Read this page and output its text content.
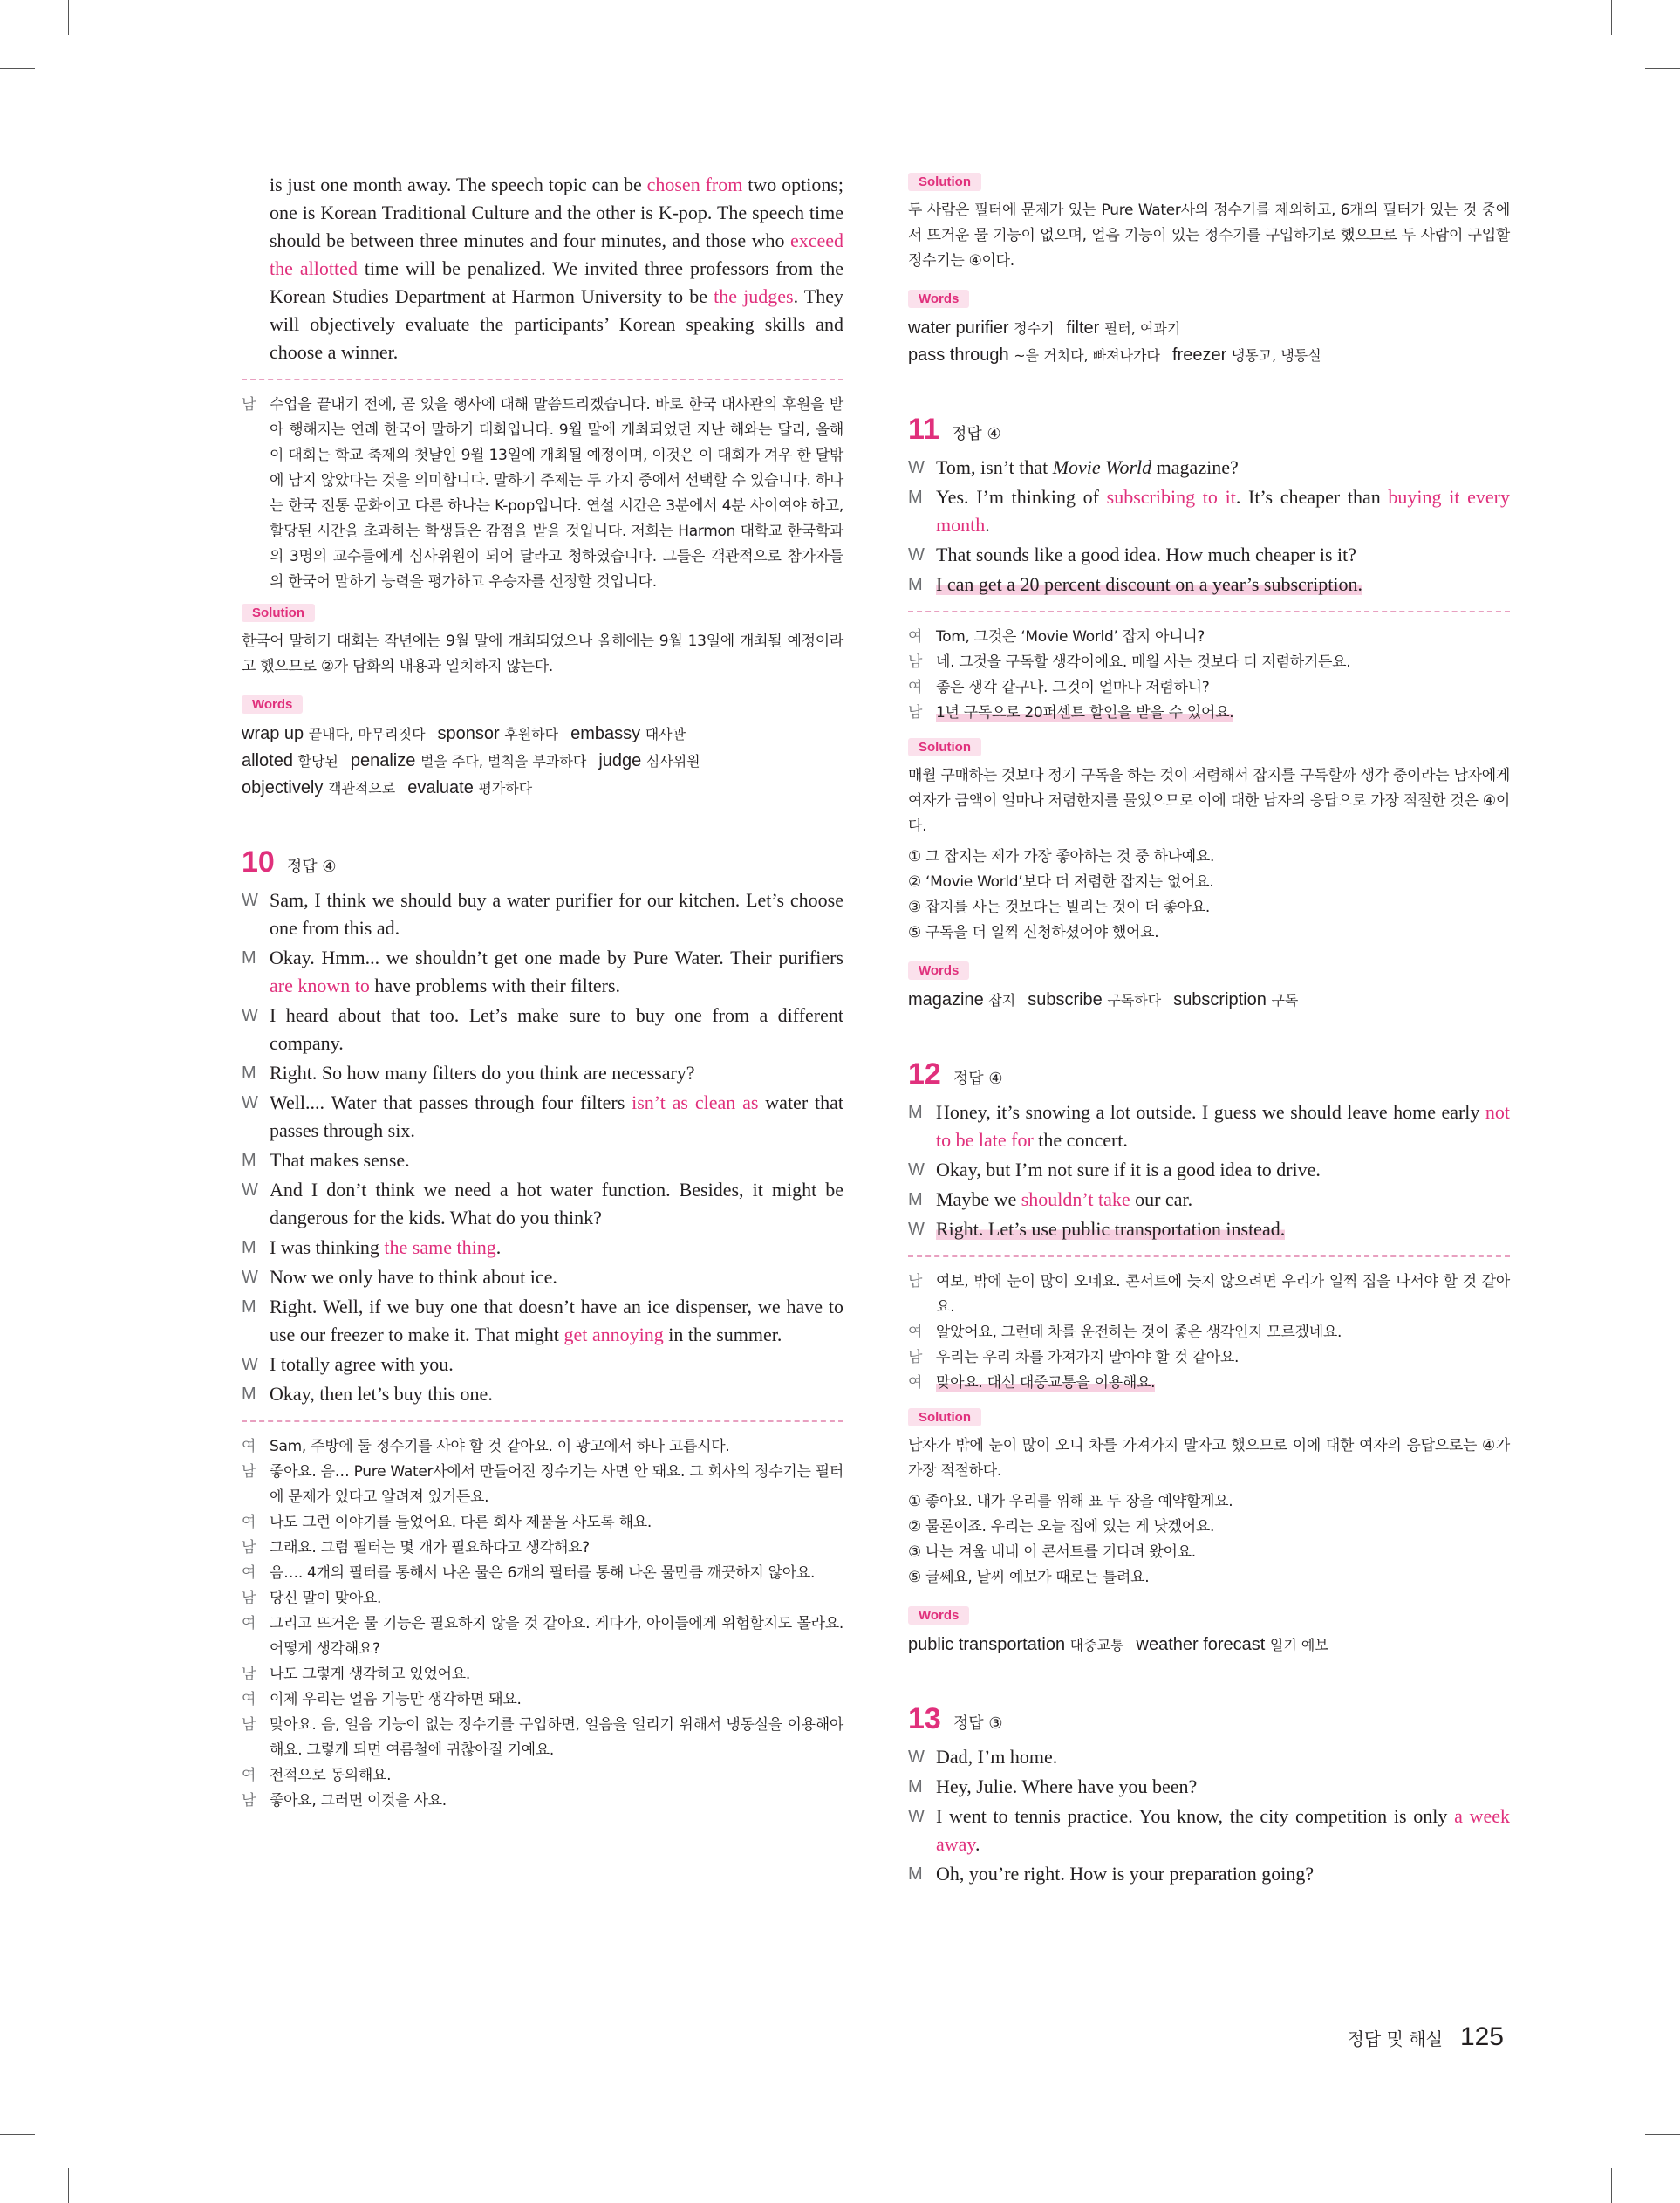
is just one month away. The speech topic can be chosen from two options; one is Korean Traditional Culture and the other is K-pop. The speech time should be between three minutes and four minutes, and those who exceed the allotted time will be penalized. We invited three professors from the Korean Studies Department at Harmon University to be the judges. They will objectively evaluate the participants’ Korean speaking skills and choose a winner.
남 수업을 끝내기 전에, 곧 있을 행사에 대해 말씀드리겠습니다. 바로 한국 대사관의 후원을 받아 행해지는 연례 한국어 말하기 대회입니다. 9월 말에 개최되었던 지난 해와는 달리, 올해 이 대회는 학교 축제의 첫날인 9월 13일에 개최될 예정이며, 이것은 이 대회가 겨우 한 달밖에 남지 않았다는 것을 의미합니다. 말하기 주제는 두 가지 중에서 선택할 수 있습니다. 하나는 한국 전통 문화이고 다른 하나는 K-pop입니다. 연설 시간은 3분에서 4분 사이여야 하고, 할당된 시간을 초과하는 학생들은 감점을 받을 것입니다. 저희는 Harmon 대학교 한국학과의 3명의 교수들에게 심사위원이 되어 달라고 청하였습니다. 그들은 객관적으로 참가자들의 한국어 말하기 능력을 평가하고 우승자를 선정할 것입니다.
Solution
한국어 말하기 대회는 작년에는 9월 말에 개최되었으나 올해에는 9월 13일에 개최될 예정이라고 했으므로 ②가 담화의 내용과 일치하지 않는다.
Words
wrap up 끝내다, 마무리짓다 sponsor 후원하다 embassy 대사관
alloted 할당된 penalize 벌을 주다, 벌칙을 부과하다 judge 심사위원
objectively 객관적으로 evaluate 평가하다
10 정답 ④
W Sam, I think we should buy a water purifier for our kitchen. Let’s choose one from this ad.
M Okay. Hmm... we shouldn’t get one made by Pure Water. Their purifiers are known to have problems with their filters.
W I heard about that too. Let’s make sure to buy one from a different company.
M Right. So how many filters do you think are necessary?
W Well.... Water that passes through four filters isn’t as clean as water that passes through six.
M That makes sense.
W And I don’t think we need a hot water function. Besides, it might be dangerous for the kids. What do you think?
M I was thinking the same thing.
W Now we only have to think about ice.
M Right. Well, if we buy one that doesn’t have an ice dispenser, we have to use our freezer to make it. That might get annoying in the summer.
W I totally agree with you.
M Okay, then let’s buy this one.
여 Sam, 주방에 둘 정수기를 사야 할 것 같아요. 이 광고에서 하나 고릅시다.
남 좋아요. 음… Pure Water사에서 만들어진 정수기는 사면 안 돼요. 그 회사의 정수기는 필터에 문제가 있다고 알려져 있거든요.
여 나도 그런 이야기를 들었어요. 다른 회사 제품을 사도록 해요.
남 그래요. 그럼 필터는 몇 개가 필요하다고 생각해요?
여 음…. 4개의 필터를 통해서 나온 물은 6개의 필터를 통해 나온 물만큼 깨끗하지 않아요.
남 당신 말이 맞아요.
여 그리고 뜨거운 물 기능은 필요하지 않을 것 같아요. 게다가, 아이들에게 위험할지도 몰라요. 어떻게 생각해요?
남 나도 그렇게 생각하고 있었어요.
여 이제 우리는 얼음 기능만 생각하면 돼요.
남 맞아요. 음, 얼음 기능이 없는 정수기를 구입하면, 얼음을 얼리기 위해서 냉동실을 이용해야 해요. 그렇게 되면 여름철에 귀찮아질 거예요.
여 전적으로 동의해요.
남 좋아요, 그러면 이것을 사요.
Solution
두 사람은 필터에 문제가 있는 Pure Water사의 정수기를 제외하고, 6개의 필터가 있는 것 중에서 뜨거운 물 기능이 없으며, 얼음 기능이 있는 정수기를 구입하기로 했으므로 두 사람이 구입할 정수기는 ④이다.
Words
water purifier 정수기 filter 필터, 여과기
pass through ~을 거치다, 빠져나가다 freezer 냉동고, 냉동실
11 정답 ④
W Tom, isn’t that Movie World magazine?
M Yes. I’m thinking of subscribing to it. It’s cheaper than buying it every month.
W That sounds like a good idea. How much cheaper is it?
M I can get a 20 percent discount on a year’s subscription.
여 Tom, 그것은 ‘Movie World’ 잡지 아니니?
남 네. 그것을 구독할 생각이에요. 매월 사는 것보다 더 저렴하거든요.
여 좋은 생각 같구나. 그것이 얼마나 저렴하니?
남 1년 구독으로 20퍼센트 할인을 받을 수 있어요.
Solution
매월 구매하는 것보다 정기 구독을 하는 것이 저렴해서 잡지를 구독할까 생각 중이라는 남자에게 여자가 금액이 얼마나 저렴한지를 물었으므로 이에 대한 남자의 응답으로 가장 적절한 것은 ④이다.
① 그 잡지는 제가 가장 좋아하는 것 중 하나예요.
② ‘Movie World’보다 더 저렴한 잡지는 없어요.
③ 잡지를 사는 것보다는 빌리는 것이 더 좋아요.
⑤ 구독을 더 일찍 신청하셨어야 했어요.
Words
magazine 잡지 subscribe 구독하다 subscription 구독
12 정답 ④
M Honey, it’s snowing a lot outside. I guess we should leave home early not to be late for the concert.
W Okay, but I’m not sure if it is a good idea to drive.
M Maybe we shouldn’t take our car.
W Right. Let’s use public transportation instead.
남 여보, 밖에 눈이 많이 오네요. 콘서트에 늦지 않으려면 우리가 일찍 집을 나서야 할 것 같아요.
여 알았어요, 그런데 차를 운전하는 것이 좋은 생각인지 모르겠네요.
남 우리는 우리 차를 가져가지 말아야 할 것 같아요.
여 맞아요. 대신 대중교통을 이용해요.
Solution
남자가 밖에 눈이 많이 오니 차를 가져가지 말자고 했으므로 이에 대한 여자의 응답으로는 ④가 가장 적절하다.
① 좋아요. 내가 우리를 위해 표 두 장을 예약할게요.
② 물론이죠. 우리는 오늘 집에 있는 게 낫겠어요.
③ 나는 겨울 내내 이 콘서트를 기다려 왔어요.
⑤ 글쎄요, 날씨 예보가 때로는 틀려요.
Words
public transportation 대중교통 weather forecast 일기 예보
13 정답 ③
W Dad, I’m home.
M Hey, Julie. Where have you been?
W I went to tennis practice. You know, the city competition is only a week away.
M Oh, you’re right. How is your preparation going?
정답 및 해설 125
